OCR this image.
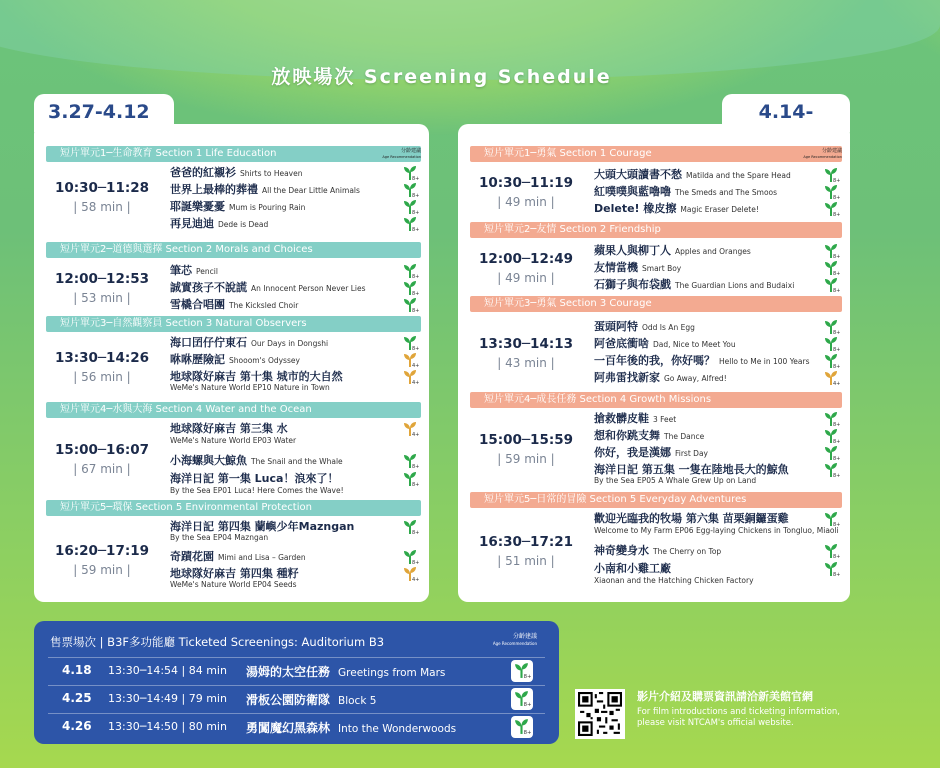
放映場次 Screening Schedule
3.27-4.12	4.14-
短片單元1─生命教育 Section 1 Life Education	分齡建議
Age Recommendation
10:30─11:28
| 58 min |
爸爸的紅襯衫 Shirts to Heaven
8+
世界上最棒的葬禮 All the Dear Little Animals
8+
耶誕樂憂憂 Mum is Pouring Rain
8+
再見迪迪 Dede is Dead
8+
短片單元2─道德與選擇 Section 2 Morals and Choices
12:00─12:53
| 53 min |
筆芯 Pencil
8+
誠實孩子不說謊 An Innocent Person Never Lies
8+
雪橇合唱團 The Kicksled Choir
8+
短片單元3─自然觀察員 Section 3 Natural Observers
13:30─14:26
| 56 min |
海口囝仔佇東石 Our Days in Dongshi
8+
咻咻歷險記 Shooom's Odyssey
4+
地球隊好麻吉 第十集 城市的大自然	4+
WeMe's Nature World EP10 Nature in Town
短片單元4─水與大海 Section 4 Water and the Ocean
15:00─16:07
| 67 min |
地球隊好麻吉 第三集 水	4+
WeMe's Nature World EP03 Water
小海螺與大鯨魚 The Snail and the Whale
8+
海洋日記 第一集 Luca！浪來了！	8+
By the Sea EP01 Luca! Here Comes the Wave!
短片單元5─環保 Section 5 Environmental Protection
16:20─17:19
| 59 min |
海洋日記 第四集 蘭嶼少年Mazngan	8+
By the Sea EP04 Mazngan
奇蹟花園 Mimi and Lisa – Garden
8+
地球隊好麻吉 第四集 種籽	4+
WeMe's Nature World EP04 Seeds
短片單元1─勇氣 Section 1 Courage	分齡建議
Age Recommendation
10:30─11:19
| 49 min |
大頭大頭讀書不愁 Matilda and the Spare Head
8+
紅噗噗與藍嚕嚕 The Smeds and The Smoos
8+
Delete! 橡皮擦 Magic Eraser Delete!
8+
短片單元2─友情 Section 2 Friendship
12:00─12:49
| 49 min |
蘋果人與柳丁人 Apples and Oranges
8+
友情當機 Smart Boy
8+
石獅子與布袋戲 The Guardian Lions and Budaixi
8+
短片單元3─勇氣 Section 3 Courage
13:30─14:13
| 43 min |
蛋頭阿特 Odd Is An Egg
8+
阿爸底衝啥 Dad, Nice to Meet You
8+
一百年後的我，你好嗎？ Hello to Me in 100 Years
8+
阿弗雷找新家 Go Away, Alfred!
4+
短片單元4─成長任務 Section 4 Growth Missions
15:00─15:59
| 59 min |
搶救髒皮鞋 3 Feet
8+
想和你跳支舞 The Dance
8+
你好，我是漢娜 First Day
8+
海洋日記 第五集 一隻在陸地長大的鯨魚	8+
By the Sea EP05 A Whale Grew Up on Land
短片單元5─日常的冒險 Section 5 Everyday Adventures
16:30─17:21
| 51 min |
歡迎光臨我的牧場 第六集 苗栗銅鑼蛋雞	8+
Welcome to My Farm EP06 Egg-laying Chickens in Tongluo, Miaoli
神奇變身水 The Cherry on Top
8+
小南和小雞工廠	8+
Xiaonan and the Hatching Chicken Factory
售票場次 | B3F多功能廳 Ticketed Screenings: Auditorium B3	分齡建議
Age Recommendation
4.18 13:30─14:54 | 84 min 湯姆的太空任務 Greetings from Mars	8+
4.25 13:30─14:49 | 79 min 滑板公園防衛隊 Block 5	8+
4.26 13:30─14:50 | 80 min 勇闖魔幻黑森林 Into the Wonderwoods	8+
影片介紹及購票資訊請洽新美館官網
For film introductions and ticketing information,
please visit NTCAM's official website.
